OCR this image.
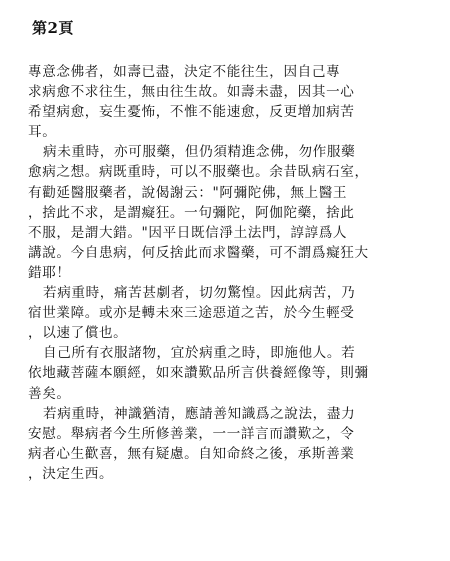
第2頁
專意念佛者，如壽已盡，決定不能往生，因自己專
求病愈不求往生，無由往生故。如壽未盡，因其一心
希望病愈，妄生憂怖，不惟不能速愈，反更增加病苦
耳。
病未重時，亦可服藥，但仍須精進念佛，勿作服藥
愈病之想。病既重時，可以不服藥也。余昔臥病石室，
有勸延醫服藥者，說偈謝云："阿彌陀佛，無上醫王
，捨此不求，是謂癡狂。一句彌陀，阿伽陀藥，捨此
不服，是謂大錯。"因平日既信淨土法門，諄諄爲人
講說。今自患病，何反捨此而求醫藥，可不謂爲癡狂大
錯耶！
若病重時，痛苦甚劇者，切勿驚惶。因此病苦，乃
宿世業障。或亦是轉未來三途惡道之苦，於今生輕受
，以速了償也。
自己所有衣服諸物，宜於病重之時，即施他人。若
依地藏菩薩本願經，如來讚歎品所言供養經像等，則彌
善矣。
若病重時，神識猶清，應請善知識爲之說法，盡力
安慰。舉病者今生所修善業，一一詳言而讚歎之，令
病者心生歡喜，無有疑慮。自知命終之後，承斯善業
，決定生西。
